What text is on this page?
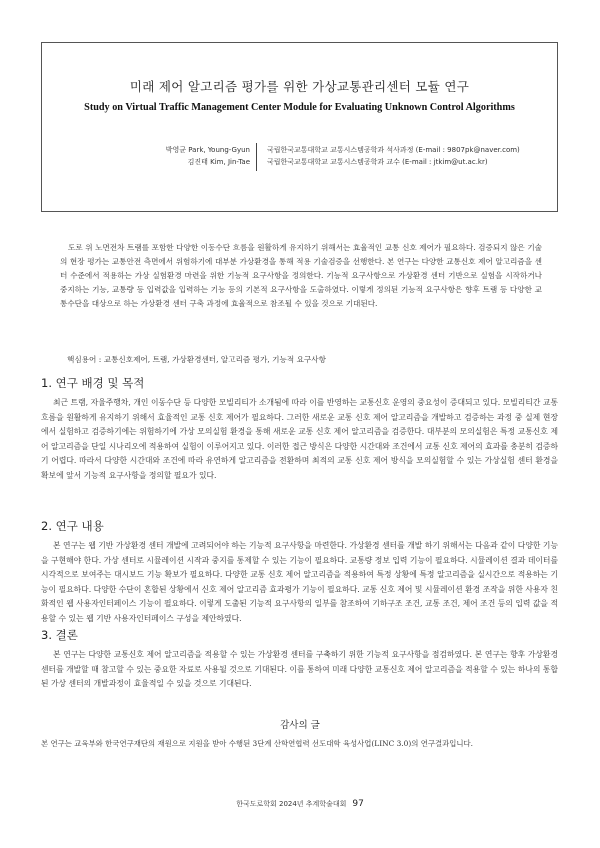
미래 제어 알고리즘 평가를 위한 가상교통관리센터 모듈 연구
Study on Virtual Traffic Management Center Module for Evaluating Unknown Control Algorithms
박영균 Park, Young-Gyun
김진태 Kim, Jin-Tae
국립한국교통대학교 교통시스템공학과 석사과정 (E-mail : 9807pk@naver.com)
국립한국교통대학교 교통시스템공학과 교수 (E-mail : jtkim@ut.ac.kr)
도로 위 노면전차 트램를 포함한 다양한 이동수단 흐름을 원활하게 유지하기 위해서는 효율적인 교통 신호 제어가 필요하다. 검증되지 않은 기술의 현장 평가는 교통안전 측면에서 위험하기에 대부분 가상환경을 통해 적용 기술검증을 선행한다. 본 연구는 다양한 교통신호 제어 알고리즘을 센터 수준에서 적용하는 가상 실험환경 마련을 위한 기능적 요구사항을 정의한다. 기능적 요구사항으로 가상환경 센터 기반으로 실험을 시작하거나 중지하는 기능, 교통량 등 입력값을 입력하는 기능 등의 기본적 요구사항을 도출하였다. 이렇게 정의된 기능적 요구사항은 향후 트램 등 다양한 교통수단을 대상으로 하는 가상환경 센터 구축 과정에 효율적으로 참조될 수 있을 것으로 기대된다.
핵심용어 : 교통신호제어, 트램, 가상환경센터, 알고리즘 평가, 기능적 요구사항
1. 연구 배경 및 목적
최근 트램, 자율주행차, 개인 이동수단 등 다양한 모빌리티가 소개됨에 따라 이를 반영하는 교통신호 운영의 중요성이 증대되고 있다. 모빌리티간 교통흐름을 원활하게 유지하기 위해서 효율적인 교통 신호 제어가 필요하다. 그러한 새로운 교통 신호 제어 알고리즘을 개발하고 검증하는 과정 중 실제 현장에서 실험하고 검증하기에는 위험하기에 가상 모의실험 환경을 통해 새로운 교통 신호 제어 알고리즘을 검증한다. 대부분의 모의실험은 특정 교통신호 제어 알고리즘을 단일 시나리오에 적용하여 실험이 이루어지고 있다. 이러한 접근 방식은 다양한 시간대와 조건에서 교통 신호 제어의 효과를 충분히 검증하기 어렵다. 따라서 다양한 시간대와 조건에 따라 유연하게 알고리즘을 전환하며 최적의 교통 신호 제어 방식을 모의실험할 수 있는 가상실험 센터 환경을 확보에 앞서 기능적 요구사항을 정의할 필요가 있다.
2. 연구 내용
본 연구는 웹 기반 가상환경 센터 개발에 고려되어야 하는 기능적 요구사항을 마련한다. 가상환경 센터를 개발 하기 위해서는 다음과 같이 다양한 기능을 구현해야 한다. 가상 센터로 시뮬레이션 시작과 중지를 통제할 수 있는 기능이 필요하다. 교통량 정보 입력 기능이 필요하다. 시뮬레이션 결과 데이터를 시각적으로 보여주는 대시보드 기능 확보가 필요하다. 다양한 교통 신호 제어 알고리즘을 적용하여 특정 상황에 특정 알고리즘을 실시간으로 적용하는 기능이 필요하다. 다양한 수단이 혼합된 상황에서 신호 제어 알고리즘 효과평가 기능이 필요하다. 교통 신호 제어 및 시뮬레이션 환경 조작을 위한 사용자 친화적인 웹 사용자인터페이스 기능이 필요하다. 이렇게 도출된 기능적 요구사항의 일부를 참조하여 기하구조 조건, 교통 조건, 제어 조건 등의 입력 값을 적용할 수 있는 웹 기반 사용자인터페이스 구성을 제안하였다.
3. 결론
본 연구는 다양한 교통신호 제어 알고리즘을 적용할 수 있는 가상환경 센터를 구축하기 위한 기능적 요구사항을 점검하였다. 본 연구는 향후 가상환경 센터를 개발할 때 참고할 수 있는 중요한 자료로 사용될 것으로 기대된다. 이를 통하여 미래 다양한 교통신호 제어 알고리즘을 적용할 수 있는 하나의 통합된 가상 센터의 개발과정이 효율적일 수 있을 것으로 기대된다.
감사의 글
본 연구는 교육부와 한국연구재단의 재원으로 지원을 받아 수행된 3단계 산학연협력 선도대학 육성사업(LINC 3.0)의 연구결과입니다.
한국도로학회 2024년 추계학술대회 97
